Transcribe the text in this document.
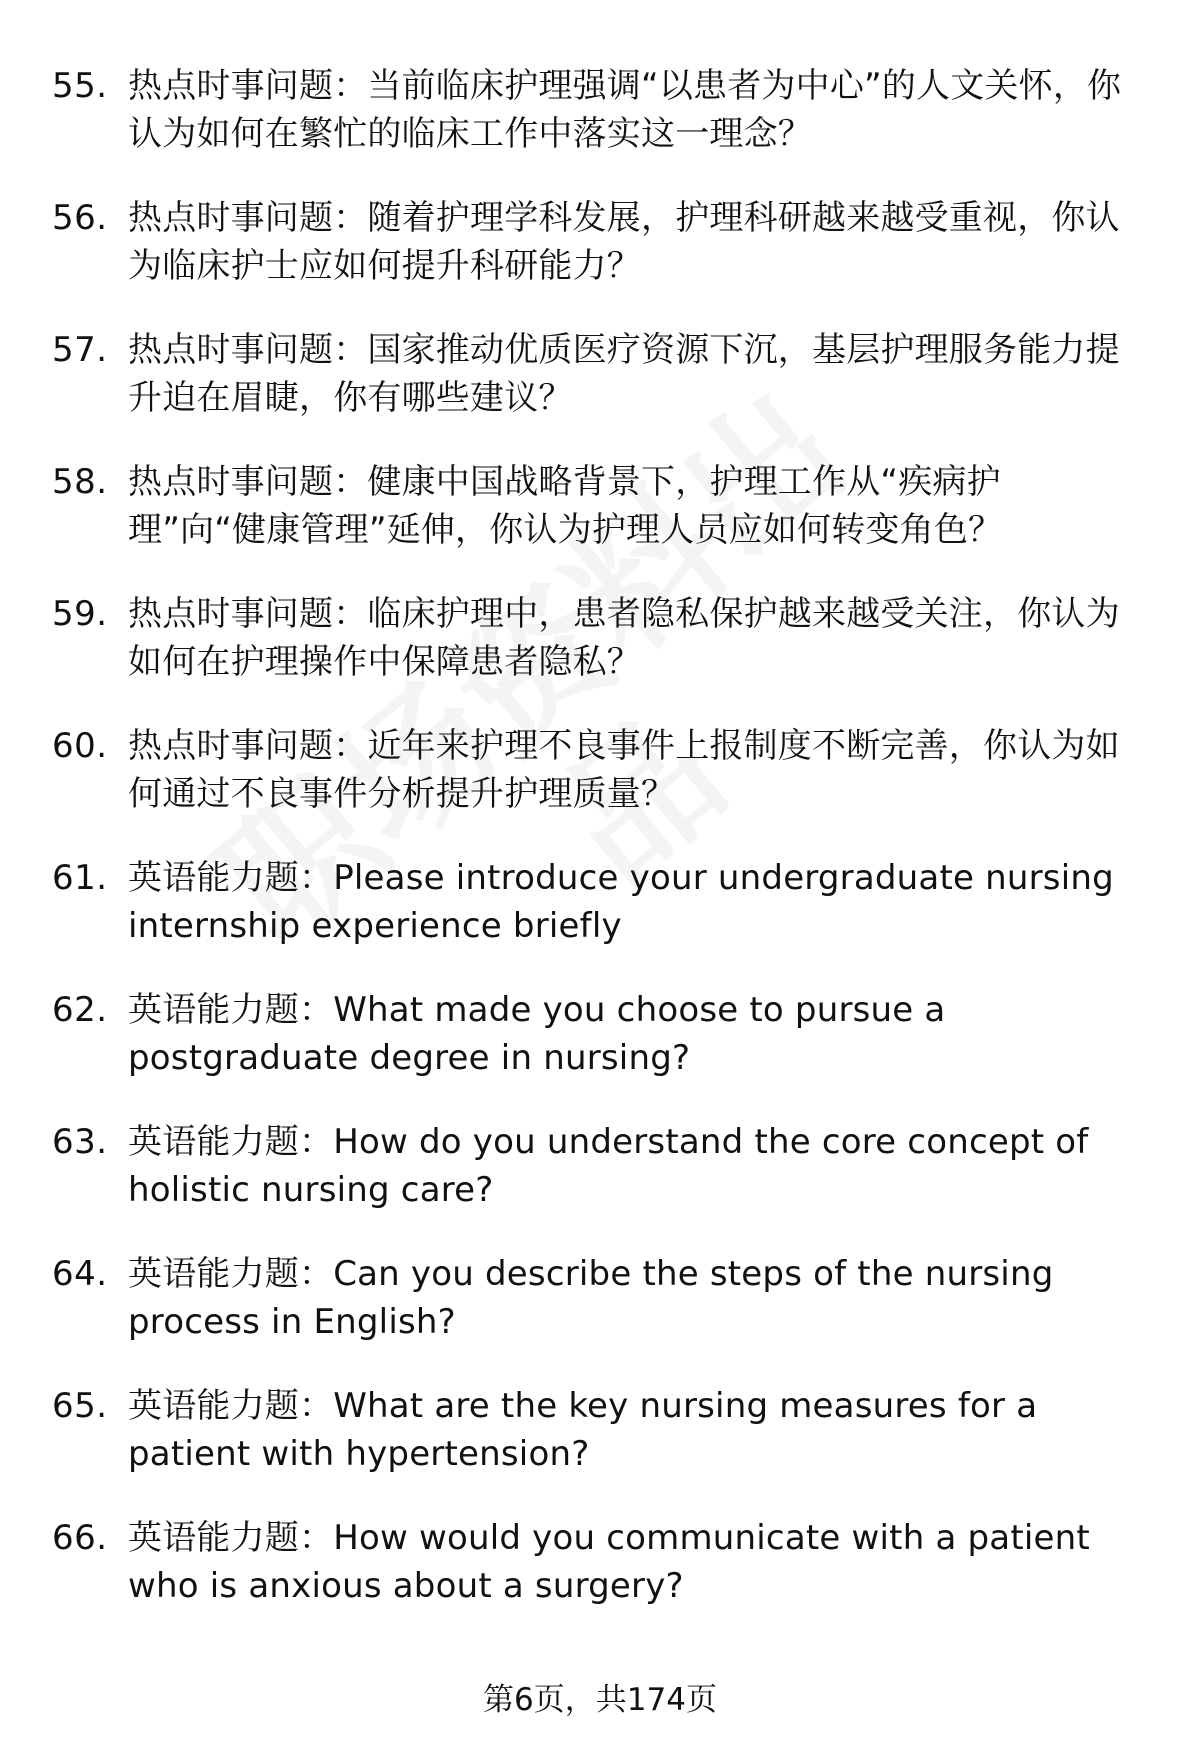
55. 热点时事问题：当前临床护理强调“以患者为中心”的人文关怀，你认为如何在繁忙的临床工作中落实这一理念？
56. 热点时事问题：随着护理学科发展，护理科研越来越受重视，你认为临床护士应如何提升科研能力？
57. 热点时事问题：国家推动优质医疗资源下沉，基层护理服务能力提升迫在眉睫，你有哪些建议？
58. 热点时事问题：健康中国战略背景下，护理工作从“疾病护理”向“健康管理”延伸，你认为护理人员应如何转变角色？
59. 热点时事问题：临床护理中，患者隐私保护越来越受关注，你认为如何在护理操作中保障患者隐私？
60. 热点时事问题：近年来护理不良事件上报制度不断完善，你认为如何通过不良事件分析提升护理质量？
61. 英语能力题：Please introduce your undergraduate nursing internship experience briefly
62. 英语能力题：What made you choose to pursue a postgraduate degree in nursing?
63. 英语能力题：How do you understand the core concept of holistic nursing care?
64. 英语能力题：Can you describe the steps of the nursing process in English?
65. 英语能力题：What are the key nursing measures for a patient with hypertension?
66. 英语能力题：How would you communicate with a patient who is anxious about a surgery?
第6页，共174页
